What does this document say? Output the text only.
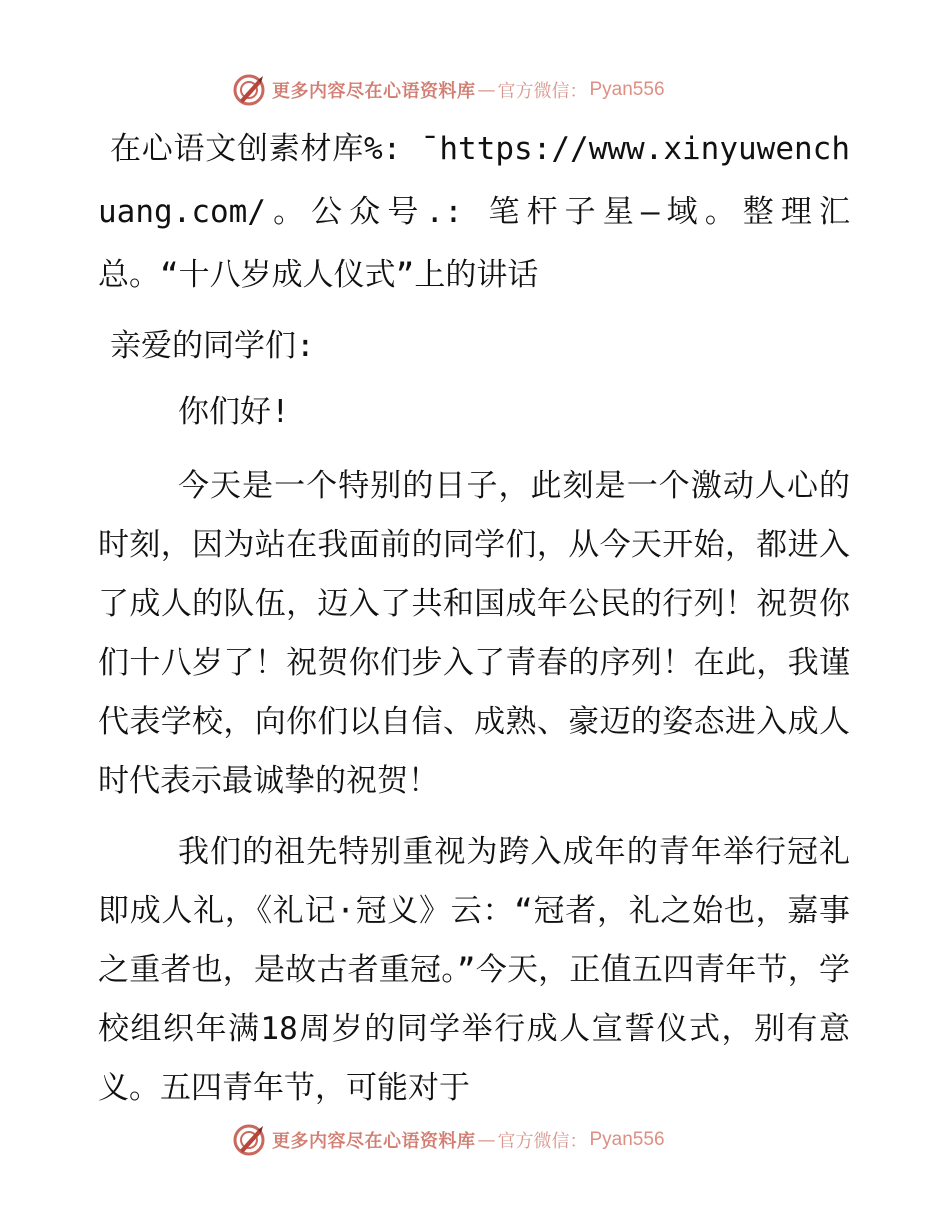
更多内容尽在心语资料库 — 官方微信： Pyan556

在心语文创素材库%: ¯https://www.xinyuwenchuang.com/。公众号.: 笔杆子星—域。整理汇总。“十八岁成人仪式”上的讲话

亲爱的同学们:

你们好!

今天是一个特别的日子，此刻是一个激动人心的时刻，因为站在我面前的同学们，从今天开始，都进入了成人的队伍，迈入了共和国成年公民的行列！祝贺你们十八岁了！祝贺你们步入了青春的序列！在此，我谨代表学校，向你们以自信、成熟、豪迈的姿态进入成人时代表示最诚挚的祝贺！

我们的祖先特别重视为跨入成年的青年举行冠礼即成人礼，《礼记·冠义》云：“冠者，礼之始也，嘉事之重者也，是故古者重冠。”今天，正值五四青年节，学校组织年满18周岁的同学举行成人宣誓仪式，别有意义。五四青年节，可能对于

更多内容尽在心语资料库 — 官方微信： Pyan556
